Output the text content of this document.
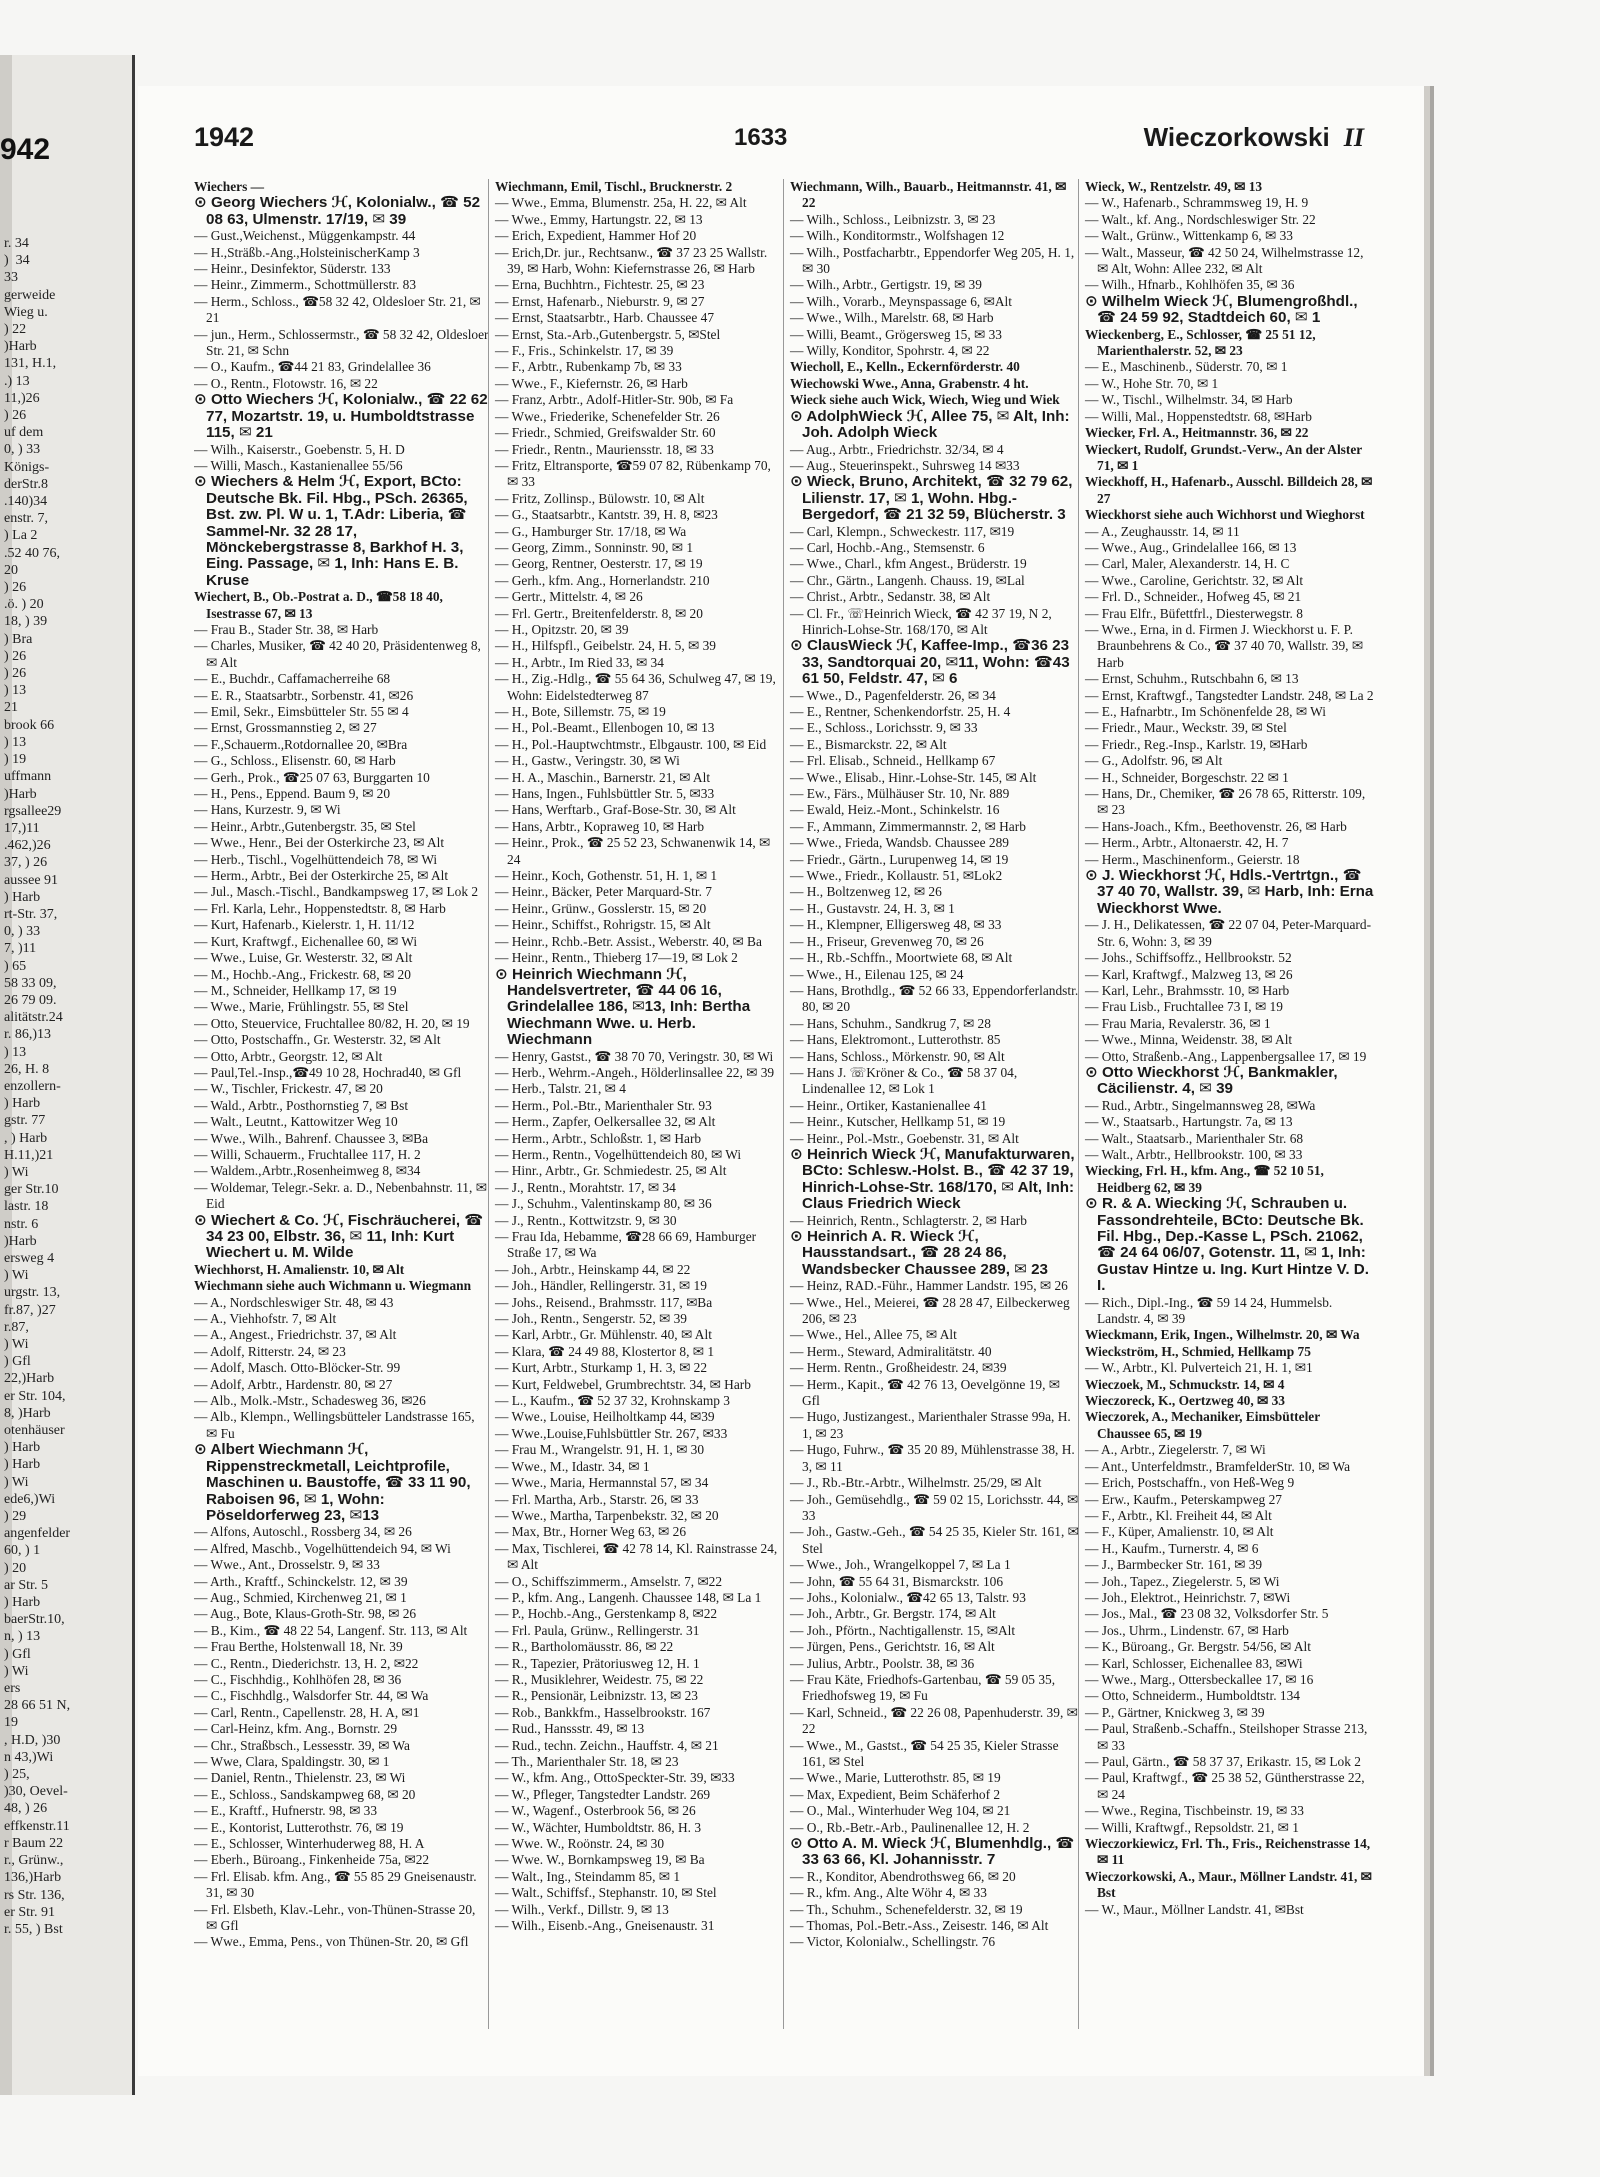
942
r. 34
)  34
33
gerweide
Wieg u.
) 22
)Harb
131, H.1,
.) 13
11,)26
) 26
uf dem
0, ) 33
Königs-
derStr.8
.140)34
enstr. 7,
) La 2
.52 40 76,
20
) 26
.ö. ) 20
18, ) 39
) Bra
) 26
) 26
) 13
21
brook 66
) 13
) 19
uffmann
)Harb
rgsallee29
17,)11
.462,)26
37, ) 26
aussee 91
) Harb
rt-Str. 37,
0, ) 33
7, )11
) 65
58 33 09,
26 79 09.
alitätstr.24
r. 86,)13
) 13
26, H. 8
enzollern-
) Harb
gstr. 77
, ) Harb
H.11,)21
) Wi
ger Str.10
lastr. 18
nstr. 6
)Harb
ersweg 4
) Wi
urgstr. 13,
fr.87, )27
r.87,
) Wi
) Gfl
22,)Harb
er Str. 104,
8, )Harb
otenhäuser
) Harb
) Harb
) Wi
ede6,)Wi
) 29
angenfelder
60, ) 1
) 20
ar Str. 5
) Harb
baerStr.10,
n, ) 13
) Gfl
) Wi
ers
28 66 51 N,
19
, H.D, )30
n 43,)Wi
) 25,
)30, Oevel-
48, ) 26
effkenstr.11
r Baum 22
r., Grünw.,
136,)Harb
rs Str. 136,
er Str. 91
r. 55, ) Bst
1942	1633	Wieczorkowski II

Wiechers —

⊙ Georg Wiechers ℋ, Kolonialw., ☎ 52 08 63, Ulmenstr. 17/19, ✉ 39

— Gust.,Weichenst., Müggenkampstr. 44

— H.,Sträßb.-Ang.,HolsteinischerKamp 3

— Heinr., Desinfektor, Süderstr. 133

— Heinr., Zimmerm., Schottmüllerstr. 83

— Herm., Schloss., ☎58 32 42, Oldesloer Str. 21, ✉ 21

— jun., Herm., Schlossermstr., ☎ 58 32 42, Oldesloer Str. 21, ✉ Schn

— O., Kaufm., ☎44 21 83, Grindelallee 36

— O., Rentn., Flotowstr. 16, ✉ 22

⊙ Otto Wiechers ℋ, Kolonialw., ☎ 22 62 77, Mozartstr. 19, u. Humboldtstrasse 115, ✉ 21

— Wilh., Kaiserstr., Goebenstr. 5, H. D

— Willi, Masch., Kastanienallee 55/56

⊙ Wiechers & Helm ℋ, Export, BCto: Deutsche Bk. Fil. Hbg., PSch. 26365, Bst. zw. Pl. W u. 1, T.Adr: Liberia, ☎ Sammel-Nr. 32 28 17, Mönckebergstrasse 8, Barkhof H. 3, Eing. Passage, ✉ 1, Inh: Hans E. B. Kruse

Wiechert, B., Ob.-Postrat a. D., ☎58 18 40, Isestrasse 67, ✉ 13

— Frau B., Stader Str. 38, ✉ Harb

— Charles, Musiker, ☎ 42 40 20, Präsidentenweg 8, ✉ Alt

— E., Buchdr., Caffamacherreihe 68

— E. R., Staatsarbtr., Sorbenstr. 41, ✉26

— Emil, Sekr., Eimsbütteler Str. 55 ✉ 4

— Ernst, Grossmannstieg 2, ✉ 27

— F.,Schauerm.,Rotdornallee 20, ✉Bra

— G., Schloss., Elisenstr. 60, ✉ Harb

— Gerh., Prok., ☎25 07 63, Burggarten 10

— H., Pens., Eppend. Baum 9, ✉ 20

— Hans, Kurzestr. 9, ✉ Wi

— Heinr., Arbtr.,Gutenbergstr. 35, ✉ Stel

— Wwe., Henr., Bei der Osterkirche 23, ✉ Alt

— Herb., Tischl., Vogelhüttendeich 78, ✉ Wi

— Herm., Arbtr., Bei der Osterkirche 25, ✉ Alt

— Jul., Masch.-Tischl., Bandkampsweg 17, ✉ Lok 2

— Frl. Karla, Lehr., Hoppenstedtstr. 8, ✉ Harb

— Kurt, Hafenarb., Kielerstr. 1, H. 11/12

— Kurt, Kraftwgf., Eichenallee 60, ✉ Wi

— Wwe., Luise, Gr. Westerstr. 32, ✉ Alt

— M., Hochb.-Ang., Frickestr. 68, ✉ 20

— M., Schneider, Hellkamp 17, ✉ 19

— Wwe., Marie, Frühlingstr. 55, ✉ Stel

— Otto, Steuervice, Fruchtallee 80/82, H. 20, ✉ 19

— Otto, Postschaffn., Gr. Westerstr. 32, ✉ Alt

— Otto, Arbtr., Georgstr. 12, ✉ Alt

— Paul,Tel.-Insp.,☎49 10 28, Hochrad40, ✉ Gfl

— W., Tischler, Frickestr. 47, ✉ 20

— Wald., Arbtr., Posthornstieg 7, ✉ Bst

— Walt., Leutnt., Kattowitzer Weg 10

— Wwe., Wilh., Bahrenf. Chaussee 3, ✉Ba

— Willi, Schauerm., Fruchtallee 117, H. 2

— Waldem.,Arbtr.,Rosenheimweg 8, ✉34

— Woldemar, Telegr.-Sekr. a. D., Nebenbahnstr. 11, ✉ Eid

⊙ Wiechert & Co. ℋ, Fischräucherei, ☎ 34 23 00, Elbstr. 36, ✉ 11, Inh: Kurt Wiechert u. M. Wilde

Wiechhorst, H. Amalienstr. 10, ✉ Alt

Wiechmann siehe auch Wichmann u. Wiegmann

— A., Nordschleswiger Str. 48, ✉ 43

— A., Viehhofstr. 7, ✉ Alt

— A., Angest., Friedrichstr. 37, ✉ Alt

— Adolf, Ritterstr. 24, ✉ 23

— Adolf, Masch. Otto-Blöcker-Str. 99

— Adolf, Arbtr., Hardenstr. 80, ✉ 27

— Alb., Molk.-Mstr., Schadesweg 36, ✉26

— Alb., Klempn., Wellingsbütteler Landstrasse 165, ✉ Fu

⊙ Albert Wiechmann ℋ, Rippenstreckmetall, Leichtprofile, Maschinen u. Baustoffe, ☎ 33 11 90, Raboisen 96, ✉ 1, Wohn: Pöseldorferweg 23, ✉13

— Alfons, Autoschl., Rossberg 34, ✉ 26

— Alfred, Maschb., Vogelhüttendeich 94, ✉ Wi

— Wwe., Ant., Drosselstr. 9, ✉ 33

— Arth., Kraftf., Schinckelstr. 12, ✉ 39

— Aug., Schmied, Kirchenweg 21, ✉ 1

— Aug., Bote, Klaus-Groth-Str. 98, ✉ 26

— B., Kim., ☎ 48 22 54, Langenf. Str. 113, ✉ Alt

— Frau Berthe, Holstenwall 18, Nr. 39

— C., Rentn., Diederichstr. 13, H. 2, ✉22

— C., Fischhdig., Kohlhöfen 28, ✉ 36

— C., Fischhdlg., Walsdorfer Str. 44, ✉ Wa

— Carl, Rentn., Capellenstr. 28, H. A, ✉1

— Carl-Heinz, kfm. Ang., Bornstr. 29

— Chr., Straßbsch., Lessesstr. 39, ✉ Wa

— Wwe, Clara, Spaldingstr. 30, ✉ 1

— Daniel, Rentn., Thielenstr. 23, ✉ Wi

— E., Schloss., Sandskampweg 68, ✉ 20

— E., Kraftf., Hufnerstr. 98, ✉ 33

— E., Kontorist, Lutterothstr. 76, ✉ 19

— E., Schlosser, Winterhuderweg 88, H. A

— Eberh., Büroang., Finkenheide 75a, ✉22

— Frl. Elisab. kfm. Ang., ☎ 55 85 29 Gneisenaustr. 31, ✉ 30

— Frl. Elsbeth, Klav.-Lehr., von-Thünen-Strasse 20, ✉ Gfl

— Wwe., Emma, Pens., von Thünen-Str. 20, ✉ Gfl

Wiechmann, Emil, Tischl., Brucknerstr. 2

— Wwe., Emma, Blumenstr. 25a, H. 22, ✉ Alt

— Wwe., Emmy, Hartungstr. 22, ✉ 13

— Erich, Expedient, Hammer Hof 20

— Erich,Dr. jur., Rechtsanw., ☎ 37 23 25 Wallstr. 39, ✉ Harb, Wohn: Kiefernstrasse 26, ✉ Harb

— Erna, Buchhtrn., Fichtestr. 25, ✉ 23

— Ernst, Hafenarb., Nieburstr. 9, ✉ 27

— Ernst, Staatsarbtr., Harb. Chaussee 47

— Ernst, Sta.-Arb.,Gutenbergstr. 5, ✉Stel

— F., Fris., Schinkelstr. 17, ✉ 39

— F., Arbtr., Rubenkamp 7b, ✉ 33

— Wwe., F., Kiefernstr. 26, ✉ Harb

— Franz, Arbtr., Adolf-Hitler-Str. 90b, ✉ Fa

— Wwe., Friederike, Schenefelder Str. 26

— Friedr., Schmied, Greifswalder Str. 60

— Friedr., Rentn., Mauriensstr. 18, ✉ 33

— Fritz, Eltransporte, ☎59 07 82, Rübenkamp 70, ✉ 33

— Fritz, Zollinsp., Bülowstr. 10, ✉ Alt

— G., Staatsarbtr., Kantstr. 39, H. 8, ✉23

— G., Hamburger Str. 17/18, ✉ Wa

— Georg, Zimm., Sonninstr. 90, ✉ 1

— Georg, Rentner, Oesterstr. 17, ✉ 19

— Gerh., kfm. Ang., Hornerlandstr. 210

— Gertr., Mittelstr. 4, ✉ 26

— Frl. Gertr., Breitenfelderstr. 8, ✉ 20

— H., Opitzstr. 20, ✉ 39

— H., Hilfspfl., Geibelstr. 24, H. 5, ✉ 39

— H., Arbtr., Im Ried 33, ✉ 34

— H., Zig.-Hdlg., ☎ 55 64 36, Schulweg 47, ✉ 19, Wohn: Eidelstedterweg 87

— H., Bote, Sillemstr. 75, ✉ 19

— H., Pol.-Beamt., Ellenbogen 10, ✉ 13

— H., Pol.-Hauptwchtmstr., Elbgaustr. 100, ✉ Eid

— H., Gastw., Veringstr. 30, ✉ Wi

— H. A., Maschin., Barnerstr. 21, ✉ Alt

— Hans, Ingen., Fuhlsbüttler Str. 5, ✉33

— Hans, Werftarb., Graf-Bose-Str. 30, ✉ Alt

— Hans, Arbtr., Kopraweg 10, ✉ Harb

— Heinr., Prok., ☎ 25 52 23, Schwanenwik 14, ✉ 24

— Heinr., Koch, Gothenstr. 51, H. 1, ✉ 1

— Heinr., Bäcker, Peter Marquard-Str. 7

— Heinr., Grünw., Gosslerstr. 15, ✉ 20

— Heinr., Schiffst., Rohrigstr. 15, ✉ Alt

— Heinr., Rchb.-Betr. Assist., Weberstr. 40, ✉ Ba

— Heinr., Rentn., Thieberg 17—19, ✉ Lok 2

⊙ Heinrich Wiechmann ℋ, Handelsvertreter, ☎ 44 06 16, Grindelallee 186, ✉13, Inh: Bertha Wiechmann Wwe. u. Herb. Wiechmann

— Henry, Gastst., ☎ 38 70 70, Veringstr. 30, ✉ Wi

— Herb., Wehrm.-Angeh., Hölderlinsallee 22, ✉ 39

— Herb., Talstr. 21, ✉ 4

— Herm., Pol.-Btr., Marienthaler Str. 93

— Herm., Zapfer, Oelkersallee 32, ✉ Alt

— Herm., Arbtr., Schloßstr. 1, ✉ Harb

— Herm., Rentn., Vogelhüttendeich 80, ✉ Wi

— Hinr., Arbtr., Gr. Schmiedestr. 25, ✉ Alt

— J., Rentn., Morahtstr. 17, ✉ 34

— J., Schuhm., Valentinskamp 80, ✉ 36

— J., Rentn., Kottwitzstr. 9, ✉ 30

— Frau Ida, Hebamme, ☎28 66 69, Hamburger Straße 17, ✉ Wa

— Joh., Arbtr., Heinskamp 44, ✉ 22

— Joh., Händler, Rellingerstr. 31, ✉ 19

— Johs., Reisend., Brahmsstr. 117, ✉Ba

— Joh., Rentn., Sengerstr. 52, ✉ 39

— Karl, Arbtr., Gr. Mühlenstr. 40, ✉ Alt

— Klara, ☎ 24 49 88, Klostertor 8, ✉ 1

— Kurt, Arbtr., Sturkamp 1, H. 3, ✉ 22

— Kurt, Feldwebel, Grumbrechtstr. 34, ✉ Harb

— L., Kaufm., ☎ 52 37 32, Krohnskamp 3

— Wwe., Louise, Heilholtkamp 44, ✉39

— Wwe.,Louise,Fuhlsbüttler Str. 267, ✉33

— Frau M., Wrangelstr. 91, H. 1, ✉ 30

— Wwe., M., Idastr. 34, ✉ 1

— Wwe., Maria, Hermannstal 57, ✉ 34

— Frl. Martha, Arb., Starstr. 26, ✉ 33

— Wwe., Martha, Tarpenbekstr. 32, ✉ 20

— Max, Btr., Horner Weg 63, ✉ 26

— Max, Tischlerei, ☎ 42 78 14, Kl. Rainstrasse 24, ✉ Alt

— O., Schiffszimmerm., Amselstr. 7, ✉22

— P., kfm. Ang., Langenh. Chaussee 148, ✉ La 1

— P., Hochb.-Ang., Gerstenkamp 8, ✉22

— Frl. Paula, Grünw., Rellingerstr. 31

— R., Bartholomäusstr. 86, ✉ 22

— R., Tapezier, Prätoriusweg 12, H. 1

— R., Musiklehrer, Weidestr. 75, ✉ 22

— R., Pensionär, Leibnizstr. 13, ✉ 23

— Rob., Bankkfm., Hasselbrookstr. 167

— Rud., Hanssstr. 49, ✉ 13

— Rud., techn. Zeichn., Hauffstr. 4, ✉ 21

— Th., Marienthaler Str. 18, ✉ 23

— W., kfm. Ang., OttoSpeckter-Str. 39, ✉33

— W., Pfleger, Tangstedter Landstr. 269

— W., Wagenf., Osterbrook 56, ✉ 26

— W., Wächter, Humboldtstr. 86, H. 3

— Wwe. W., Roönstr. 24, ✉ 30

— Wwe. W., Bornkampsweg 19, ✉ Ba

— Walt., Ing., Steindamm 85, ✉ 1

— Walt., Schiffsf., Stephanstr. 10, ✉ Stel

— Wilh., Verkf., Dillstr. 9, ✉ 13

— Wilh., Eisenb.-Ang., Gneisenaustr. 31

Wiechmann, Wilh., Bauarb., Heitmannstr. 41, ✉ 22

— Wilh., Schloss., Leibnizstr. 3, ✉ 23

— Wilh., Konditormstr., Wolfshagen 12

— Wilh., Postfacharbtr., Eppendorfer Weg 205, H. 1, ✉ 30

— Wilh., Arbtr., Gertigstr. 19, ✉ 39

— Wilh., Vorarb., Meynspassage 6, ✉Alt

— Wwe., Wilh., Marelstr. 68, ✉ Harb

— Willi, Beamt., Grögersweg 15, ✉ 33

— Willy, Konditor, Spohrstr. 4, ✉ 22

Wiecholl, E., Kelln., Eckernförderstr. 40

Wiechowski Wwe., Anna, Grabenstr. 4 ht.

Wieck siehe auch Wick, Wiech, Wieg und Wiek

⊙ AdolphWieck ℋ, Allee 75, ✉ Alt, Inh: Joh. Adolph Wieck

— Aug., Arbtr., Friedrichstr. 32/34, ✉ 4

— Aug., Steuerinspekt., Suhrsweg 14 ✉33

⊙ Wieck, Bruno, Architekt, ☎ 32 79 62, Lilienstr. 17, ✉ 1, Wohn. Hbg.-Bergedorf, ☎ 21 32 59, Blücherstr. 3

— Carl, Klempn., Schweckestr. 117, ✉19

— Carl, Hochb.-Ang., Stemsenstr. 6

— Wwe., Charl., kfm Angest., Brüderstr. 19

— Chr., Gärtn., Langenh. Chauss. 19, ✉Lal

— Christ., Arbtr., Sedanstr. 38, ✉ Alt

— Cl. Fr., ☏Heinrich Wieck, ☎ 42 37 19, N 2, Hinrich-Lohse-Str. 168/170, ✉ Alt

⊙ ClausWieck ℋ, Kaffee-Imp., ☎36 23 33, Sandtorquai 20, ✉11, Wohn: ☎43 61 50, Feldstr. 47, ✉ 6

— Wwe., D., Pagenfelderstr. 26, ✉ 34

— E., Rentner, Schenkendorfstr. 25, H. 4

— E., Schloss., Lorichsstr. 9, ✉ 33

— E., Bismarckstr. 22, ✉ Alt

— Frl. Elisab., Schneid., Hellkamp 67

— Wwe., Elisab., Hinr.-Lohse-Str. 145, ✉ Alt

— Ew., Färs., Mülhäuser Str. 10, Nr. 889

— Ewald, Heiz.-Mont., Schinkelstr. 16

— F., Ammann, Zimmermannstr. 2, ✉ Harb

— Wwe., Frieda, Wandsb. Chaussee 289

— Friedr., Gärtn., Lurupenweg 14, ✉ 19

— Wwe., Friedr., Kollaustr. 51, ✉Lok2

— H., Boltzenweg 12, ✉ 26

— H., Gustavstr. 24, H. 3, ✉ 1

— H., Klempner, Elligersweg 48, ✉ 33

— H., Friseur, Grevenweg 70, ✉ 26

— H., Rb.-Schffn., Moortwiete 68, ✉ Alt

— Wwe., H., Eilenau 125, ✉ 24

— Hans, Brothdlg., ☎ 52 66 33, Eppendorferlandstr. 80, ✉ 20

— Hans, Schuhm., Sandkrug 7, ✉ 28

— Hans, Elektromont., Lutterothstr. 85

— Hans, Schloss., Mörkenstr. 90, ✉ Alt

— Hans J. ☏Kröner & Co., ☎ 58 37 04, Lindenallee 12, ✉ Lok 1

— Heinr., Ortiker, Kastanienallee 41

— Heinr., Kutscher, Hellkamp 51, ✉ 19

— Heinr., Pol.-Mstr., Goebenstr. 31, ✉ Alt

⊙ Heinrich Wieck ℋ, Manufakturwaren, BCto: Schlesw.-Holst. B., ☎ 42 37 19, Hinrich-Lohse-Str. 168/170, ✉ Alt, Inh: Claus Friedrich Wieck

— Heinrich, Rentn., Schlagterstr. 2, ✉ Harb

⊙ Heinrich A. R. Wieck ℋ, Hausstandsart., ☎ 28 24 86, Wandsbecker Chaussee 289, ✉ 23

— Heinz, RAD.-Führ., Hammer Landstr. 195, ✉ 26

— Wwe., Hel., Meierei, ☎ 28 28 47, Eilbeckerweg 206, ✉ 23

— Wwe., Hel., Allee 75, ✉ Alt

— Herm., Steward, Admiralitätstr. 40

— Herm. Rentn., Großheidestr. 24, ✉39

— Herm., Kapit., ☎ 42 76 13, Oevelgönne 19, ✉ Gfl

— Hugo, Justizangest., Marienthaler Strasse 99a, H. 1, ✉ 23

— Hugo, Fuhrw., ☎ 35 20 89, Mühlenstrasse 38, H. 3, ✉ 11

— J., Rb.-Btr.-Arbtr., Wilhelmstr. 25/29, ✉ Alt

— Joh., Gemüsehdlg., ☎ 59 02 15, Lorichsstr. 44, ✉ 33

— Joh., Gastw.-Geh., ☎ 54 25 35, Kieler Str. 161, ✉ Stel

— Wwe., Joh., Wrangelkoppel 7, ✉ La 1

— John, ☎ 55 64 31, Bismarckstr. 106

— Johs., Kolonialw., ☎42 65 13, Talstr. 93

— Joh., Arbtr., Gr. Bergstr. 174, ✉ Alt

— Joh., Pförtn., Nachtigallenstr. 15, ✉Alt

— Jürgen, Pens., Gerichtstr. 16, ✉ Alt

— Julius, Arbtr., Poolstr. 38, ✉ 36

— Frau Käte, Friedhofs-Gartenbau, ☎ 59 05 35, Friedhofsweg 19, ✉ Fu

— Karl, Schneid., ☎ 22 26 08, Papenhuderstr. 39, ✉ 22

— Wwe., M., Gastst., ☎ 54 25 35, Kieler Strasse 161, ✉ Stel

— Wwe., Marie, Lutterothstr. 85, ✉ 19

— Max, Expedient, Beim Schäferhof 2

— O., Mal., Winterhuder Weg 104, ✉ 21

— O., Rb.-Betr.-Arb., Paulinenallee 12, H. 2

⊙ Otto A. M. Wieck ℋ, Blumenhdlg., ☎ 33 63 66, Kl. Johannisstr. 7

— R., Konditor, Abendrothsweg 66, ✉ 20

— R., kfm. Ang., Alte Wöhr 4, ✉ 33

— Th., Schuhm., Schenefelderstr. 32, ✉ 19

— Thomas, Pol.-Betr.-Ass., Zeisestr. 146, ✉ Alt

— Victor, Kolonialw., Schellingstr. 76

Wieck, W., Rentzelstr. 49, ✉ 13

— W., Hafenarb., Schrammsweg 19, H. 9

— Walt., kf. Ang., Nordschleswiger Str. 22

— Walt., Grünw., Wittenkamp 6, ✉ 33

— Walt., Masseur, ☎ 42 50 24, Wilhelmstrasse 12, ✉ Alt, Wohn: Allee 232, ✉ Alt

— Wilh., Hfnarb., Kohlhöfen 35, ✉ 36

⊙ Wilhelm Wieck ℋ, Blumengroßhdl., ☎ 24 59 92, Stadtdeich 60, ✉ 1

Wieckenberg, E., Schlosser, ☎ 25 51 12, Marienthalerstr. 52, ✉ 23

— E., Maschinenb., Süderstr. 70, ✉ 1

— W., Hohe Str. 70, ✉ 1

— W., Tischl., Wilhelmstr. 34, ✉ Harb

— Willi, Mal., Hoppenstedtstr. 68, ✉Harb

Wiecker, Frl. A., Heitmannstr. 36, ✉ 22

Wieckert, Rudolf, Grundst.-Verw., An der Alster 71, ✉ 1

Wieckhoff, H., Hafenarb., Ausschl. Billdeich 28, ✉ 27

Wieckhorst siehe auch Wichhorst und Wieghorst

— A., Zeughausstr. 14, ✉ 11

— Wwe., Aug., Grindelallee 166, ✉ 13

— Carl, Maler, Alexanderstr. 14, H. C

— Wwe., Caroline, Gerichtstr. 32, ✉ Alt

— Frl. D., Schneider., Hofweg 45, ✉ 21

— Frau Elfr., Büfettfrl., Diesterwegstr. 8

— Wwe., Erna, in d. Firmen J. Wieckhorst u. F. P. Braunbehrens & Co., ☎ 37 40 70, Wallstr. 39, ✉ Harb

— Ernst, Schuhm., Rutschbahn 6, ✉ 13

— Ernst, Kraftwgf., Tangstedter Landstr. 248, ✉ La 2

— E., Hafnarbtr., Im Schönenfelde 28, ✉ Wi

— Friedr., Maur., Weckstr. 39, ✉ Stel

— Friedr., Reg.-Insp., Karlstr. 19, ✉Harb

— G., Adolfstr. 96, ✉ Alt

— H., Schneider, Borgeschstr. 22 ✉ 1

— Hans, Dr., Chemiker, ☎ 26 78 65, Ritterstr. 109, ✉ 23

— Hans-Joach., Kfm., Beethovenstr. 26, ✉ Harb

— Herm., Arbtr., Altonaerstr. 42, H. 7

— Herm., Maschinenform., Geierstr. 18

⊙ J. Wieckhorst ℋ, Hdls.-Vertrtgn., ☎ 37 40 70, Wallstr. 39, ✉ Harb, Inh: Erna Wieckhorst Wwe.

— J. H., Delikatessen, ☎ 22 07 04, Peter-Marquard-Str. 6, Wohn: 3, ✉ 39

— Johs., Schiffsoffz., Hellbrookstr. 52

— Karl, Kraftwgf., Malzweg 13, ✉ 26

— Karl, Lehr., Brahmsstr. 10, ✉ Harb

— Frau Lisb., Fruchtallee 73 I, ✉ 19

— Frau Maria, Revalerstr. 36, ✉ 1

— Wwe., Minna, Weidenstr. 38, ✉ Alt

— Otto, Straßenb.-Ang., Lappenbergsallee 17, ✉ 19

⊙ Otto Wieckhorst ℋ, Bankmakler, Cäcilienstr. 4, ✉ 39

— Rud., Arbtr., Singelmannsweg 28, ✉Wa

— W., Staatsarb., Hartungstr. 7a, ✉ 13

— Walt., Staatsarb., Marienthaler Str. 68

— Walt., Arbtr., Hellbrookstr. 100, ✉ 33

Wiecking, Frl. H., kfm. Ang., ☎ 52 10 51, Heidberg 62, ✉ 39

⊙ R. & A. Wiecking ℋ, Schrauben u. Fassondrehteile, BCto: Deutsche Bk. Fil. Hbg., Dep.-Kasse L, PSch. 21062, ☎ 24 64 06/07, Gotenstr. 11, ✉ 1, Inh: Gustav Hintze u. Ing. Kurt Hintze V. D. I.

— Rich., Dipl.-Ing., ☎ 59 14 24, Hummelsb. Landstr. 4, ✉ 39

Wieckmann, Erik, Ingen., Wilhelmstr. 20, ✉ Wa

Wieckström, H., Schmied, Hellkamp 75

— W., Arbtr., Kl. Pulverteich 21, H. 1, ✉1

Wieczoek, M., Schmuckstr. 14, ✉ 4

Wieczoreck, K., Oertzweg 40, ✉ 33

Wieczorek, A., Mechaniker, Eimsbütteler Chaussee 65, ✉ 19

— A., Arbtr., Ziegelerstr. 7, ✉ Wi

— Ant., Unterfeldmstr., BramfelderStr. 10, ✉ Wa

— Erich, Postschaffn., von Heß-Weg 9

— Erw., Kaufm., Peterskampweg 27

— F., Arbtr., Kl. Freiheit 44, ✉ Alt

— F., Küper, Amalienstr. 10, ✉ Alt

— H., Kaufm., Turnerstr. 4, ✉ 6

— J., Barmbecker Str. 161, ✉ 39

— Joh., Tapez., Ziegelerstr. 5, ✉ Wi

— Joh., Elektrot., Heinrichstr. 7, ✉Wi

— Jos., Mal., ☎ 23 08 32, Volksdorfer Str. 5

— Jos., Uhrm., Lindenstr. 67, ✉ Harb

— K., Büroang., Gr. Bergstr. 54/56, ✉ Alt

— Karl, Schlosser, Eichenallee 83, ✉Wi

— Wwe., Marg., Ottersbeckallee 17, ✉ 16

— Otto, Schneiderm., Humboldtstr. 134

— P., Gärtner, Knickweg 3, ✉ 39

— Paul, Straßenb.-Schaffn., Steilshoper Strasse 213, ✉ 33

— Paul, Gärtn., ☎ 58 37 37, Erikastr. 15, ✉ Lok 2

— Paul, Kraftwgf., ☎ 25 38 52, Güntherstrasse 22, ✉ 24

— Wwe., Regina, Tischbeinstr. 19, ✉ 33

— Willi, Kraftwgf., Repsoldstr. 21, ✉ 1

Wieczorkiewicz, Frl. Th., Fris., Reichenstrasse 14, ✉ 11

Wieczorkowski, A., Maur., Möllner Landstr. 41, ✉ Bst

— W., Maur., Möllner Landstr. 41, ✉Bst
